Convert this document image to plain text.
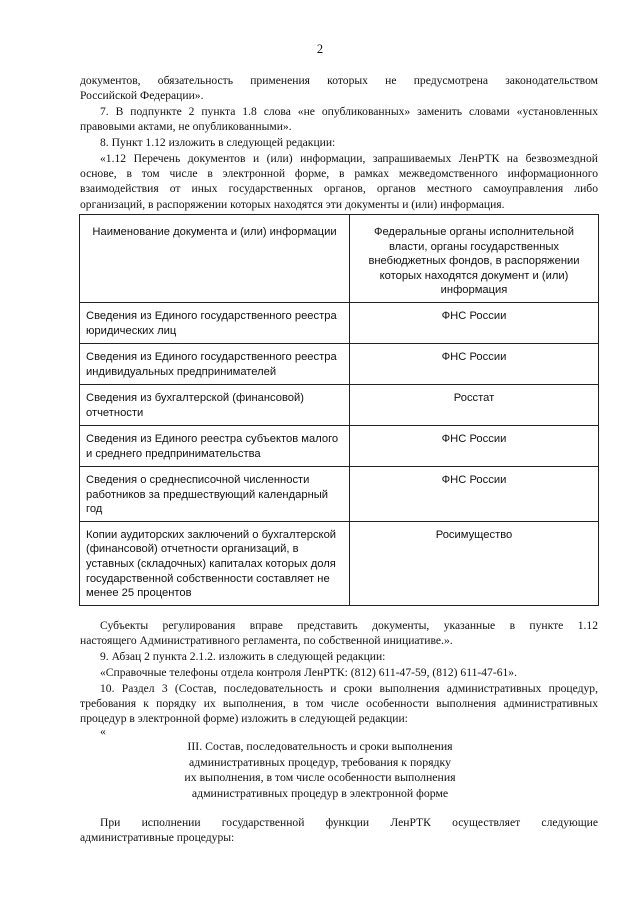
2
документов, обязательность применения которых не предусмотрена законодательством
Российской Федерации».
7. В подпункте 2 пункта 1.8 слова «не опубликованных» заменить словами «установленных
правовыми актами, не опубликованными».
8. Пункт 1.12 изложить в следующей редакции:
«1.12 Перечень документов и (или) информации, запрашиваемых ЛенРТК на безвозмездной
основе, в том числе в электронной форме, в рамках межведомственного информационного
взаимодействия от иных государственных органов, органов местного самоуправления либо
организаций, в распоряжении которых находятся эти документы и (или) информация.
Наименование документа и (или) информации	Федеральные органы исполнительной власти, органы государственных внебюджетных фондов, в распоряжении которых находятся документ и (или) информация
Сведения из Единого государственного реестра юридических лиц	ФНС России
Сведения из Единого государственного реестра индивидуальных предпринимателей	ФНС России
Сведения из бухгалтерской (финансовой) отчетности	Росстат
Сведения из Единого реестра субъектов малого и среднего предпринимательства	ФНС России
Сведения о среднесписочной численности работников за предшествующий календарный год	ФНС России
Копии аудиторских заключений о бухгалтерской (финансовой) отчетности организаций, в уставных (складочных) капиталах которых доля государственной собственности составляет не менее 25 процентов	Росимущество
Субъекты регулирования вправе представить документы, указанные в пункте 1.12
настоящего Административного регламента, по собственной инициативе.».
9. Абзац 2 пункта 2.1.2. изложить в следующей редакции:
«Справочные телефоны отдела контроля ЛенРТК: (812) 611-47-59, (812) 611-47-61».
10. Раздел 3 (Состав, последовательность и сроки выполнения административных процедур,
требования к порядку их выполнения, в том числе особенности выполнения административных
процедур в электронной форме) изложить в следующей редакции:
«
III. Состав, последовательность и сроки выполнения
административных процедур, требования к порядку
их выполнения, в том числе особенности выполнения
административных процедур в электронной форме
При исполнении государственной функции ЛенРТК осуществляет следующие
административные процедуры:
